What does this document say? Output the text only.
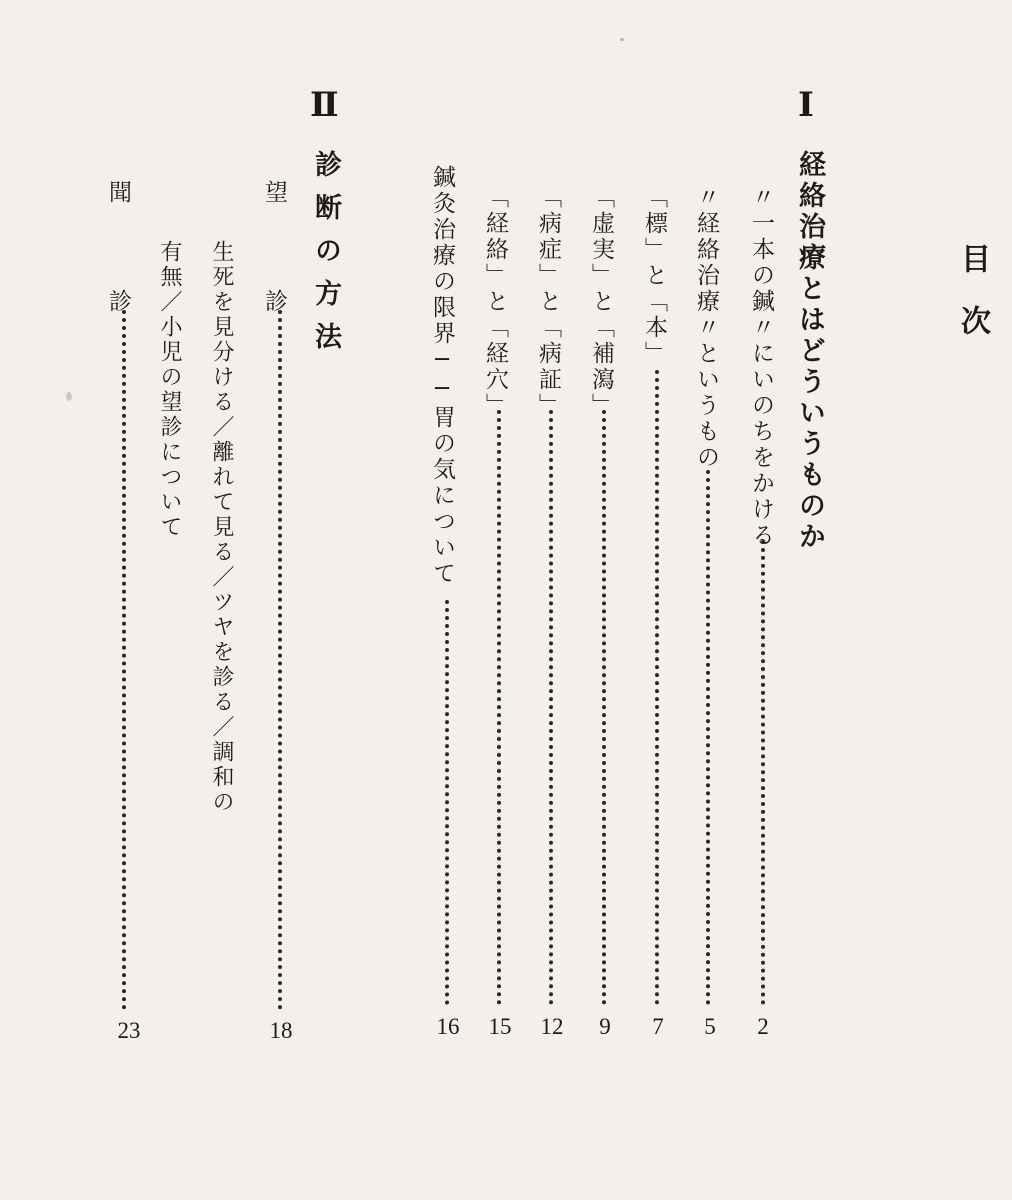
目次
Ⅰ
経絡治療とはどういうものか
〃一本の鍼〃にいのちをかける
2
〃経絡治療〃というもの
5
「標」と「本」
7
「虚実」と「補瀉」
9
「病症」と「病証」
12
「経絡」と「経穴」
15
鍼灸治療の限界──胃の気について
16
Ⅱ
診断の方法
望 診
18
生死を見分ける／離れて見る／ツヤを診る／調和の
有無／小児の望診について
聞 診
23
